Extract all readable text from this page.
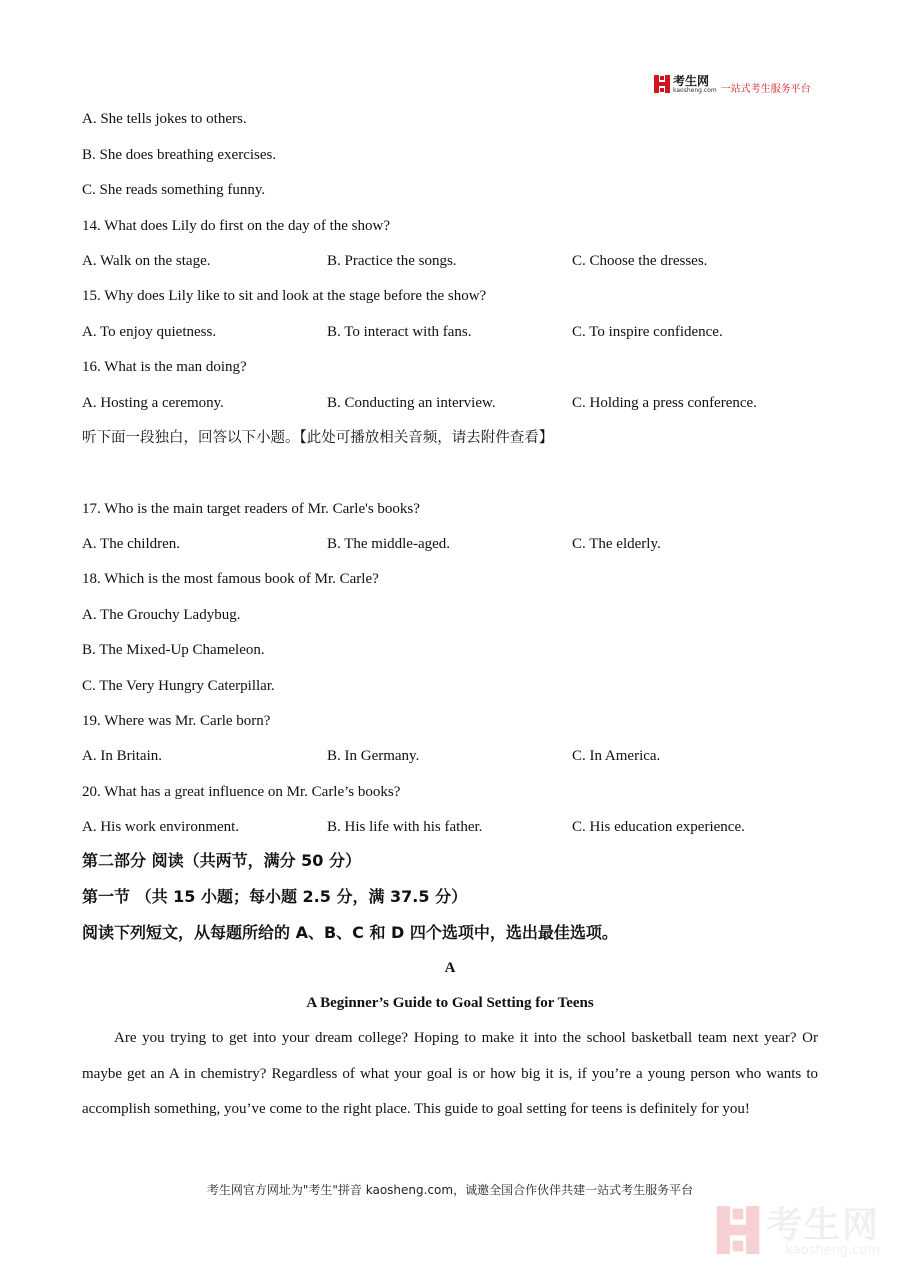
考生网
kaosheng.com 一站式考生服务平台
A. She tells jokes to others.
B. She does breathing exercises.
C. She reads something funny.
14. What does Lily do first on the day of the show?
A. Walk on the stage.	B. Practice the songs.	C. Choose the dresses.
15. Why does Lily like to sit and look at the stage before the show?
A. To enjoy quietness.	B. To interact with fans.	C. To inspire confidence.
16. What is the man doing?
A. Hosting a ceremony.	B. Conducting an interview.	C. Holding a press conference.
听下面一段独白，回答以下小题。【此处可播放相关音频，请去附件查看】
17. Who is the main target readers of Mr. Carle's books?
A. The children.	B. The middle-aged.	C. The elderly.
18. Which is the most famous book of Mr. Carle?
A. The Grouchy Ladybug.
B. The Mixed-Up Chameleon.
C. The Very Hungry Caterpillar.
19. Where was Mr. Carle born?
A. In Britain.	B. In Germany.	C. In America.
20. What has a great influence on Mr. Carle’s books?
A. His work environment.	B. His life with his father.	C. His education experience.
第二部分 阅读（共两节，满分 50 分）
第一节 （共 15 小题；每小题 2.5 分，满 37.5 分）
阅读下列短文，从每题所给的 A、B、C 和 D 四个选项中，选出最佳选项。
A
A Beginner’s Guide to Goal Setting for Teens
Are you trying to get into your dream college? Hoping to make it into the school basketball team next year? Or maybe get an A in chemistry? Regardless of what your goal is or how big it is, if you’re a young person who wants to accomplish something, you’ve come to the right place. This guide to goal setting for teens is definitely for you!
考生网官方网址为"考生"拼音 kaosheng.com，诚邀全国合作伙伴共建一站式考生服务平台
考生网
kaosheng.com
